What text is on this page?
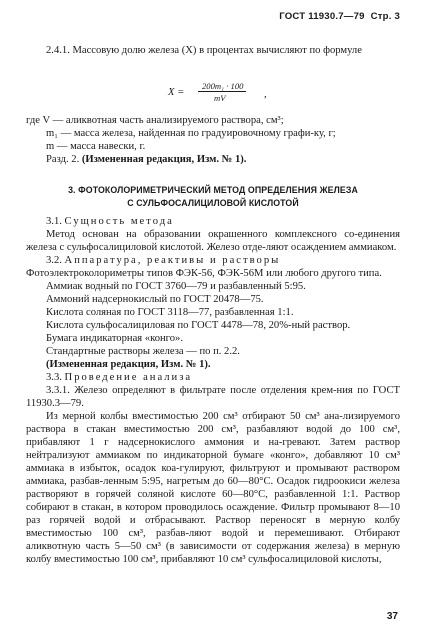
ГОСТ 11930.7—79 Стр. 3

2.4.1. Массовую долю железа (X) в процентах вычисляют по формуле

X =
200m₁ · 100
mV	,

где V — аликвотная часть анализируемого раствора, см³;

m₁ — масса железа, найденная по градуировочному графи-ку, г;

m — масса навески, г.

Разд. 2. (Измененная редакция, Изм. № 1).

3. ФОТОКОЛОРИМЕТРИЧЕСКИЙ МЕТОД ОПРЕДЕЛЕНИЯ ЖЕЛЕЗА
С СУЛЬФОСАЛИЦИЛОВОЙ КИСЛОТОЙ

3.1. Сущность метода

Метод основан на образовании окрашенного комплексного со-единения железа с сульфосалициловой кислотой. Железо отде-ляют осаждением аммиаком.

3.2. Аппаратура, реактивы и растворы

Фотоэлектроколориметры типов ФЭК-56, ФЭК-56М или любого другого типа.

Аммиак водный по ГОСТ 3760—79 и разбавленный 5:95.

Аммоний надсернокислый по ГОСТ 20478—75.

Кислота соляная по ГОСТ 3118—77, разбавленная 1:1.

Кислота сульфосалициловая по ГОСТ 4478—78, 20%-ный раствор.

Бумага индикаторная «конго».

Стандартные растворы железа — по п. 2.2.

(Измененная редакция, Изм. № 1).

3.3. Проведение анализа

3.3.1. Железо определяют в фильтрате после отделения крем-ния по ГОСТ 11930.3—79.

Из мерной колбы вместимостью 200 см³ отбирают 50 см³ ана-лизируемого раствора в стакан вместимостью 200 см³, разбавляют водой до 100 см³, прибавляют 1 г надсернокислого аммония и на-гревают. Затем раствор нейтрализуют аммиаком по индикаторной бумаге «конго», добавляют 10 см³ аммиака в избыток, осадок коа-гулируют, фильтруют и промывают раствором аммиака, разбав-ленным 5:95, нагретым до 60—80°С. Осадок гидроокиси железа растворяют в горячей соляной кислоте 60—80°С, разбавленной 1:1. Раствор собирают в стакан, в котором проводилось осаждение. Фильтр промывают 8—10 раз горячей водой и отбрасывают. Раствор переносят в мерную колбу вместимостью 100 см³, разбав-ляют водой и перемешивают. Отбирают аликвотную часть 5—50 см³ (в зависимости от содержания железа) в мерную колбу вместимостью 100 см³, прибавляют 10 см³ сульфосалициловой кислоты,

37
